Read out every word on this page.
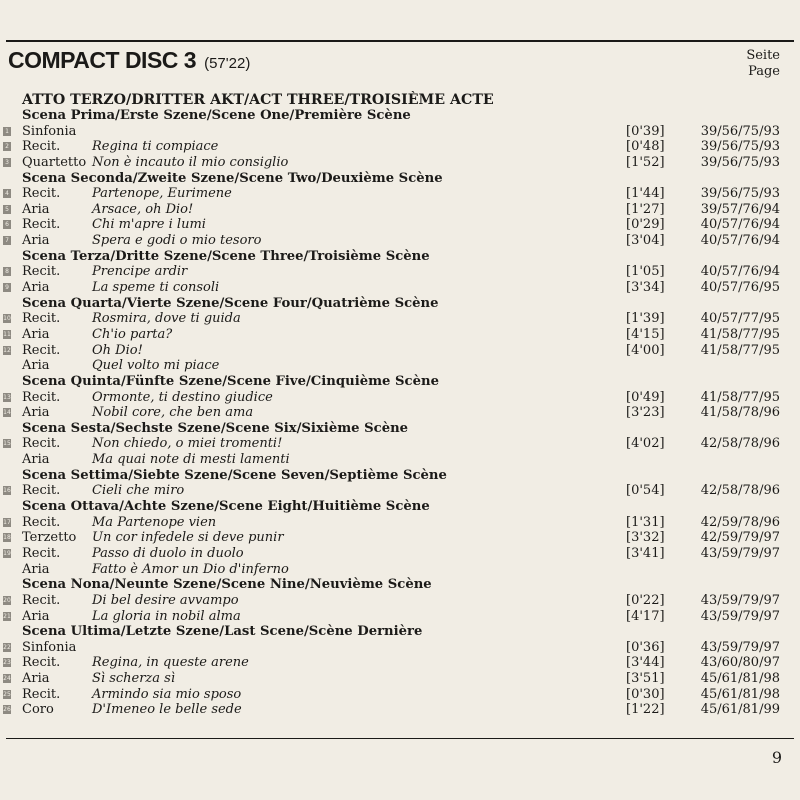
COMPACT DISC 3 (57'22)	Seite
Page
ATTO TERZO/DRITTER AKT/ACT THREE/TROISIÈME ACTE
Scena Prima/Erste Szene/Scene One/Première Scène
1 Sinfonia	[0'39]	39/56/75/93
2 Recit. Regina ti compiace	[0'48]	39/56/75/93
3 Quartetto Non è incauto il mio consiglio	[1'52]	39/56/75/93
Scena Seconda/Zweite Szene/Scene Two/Deuxième Scène
4 Recit. Partenope, Eurimene	[1'44]	39/56/75/93
5 Aria	Arsace, oh Dio!	[1'27]	39/57/76/94
6 Recit. Chi m'apre i lumi	[0'29]	40/57/76/94
7 Aria	Spera e godi o mio tesoro	[3'04]	40/57/76/94
Scena Terza/Dritte Szene/Scene Three/Troisième Scène
8 Recit. Prencipe ardir	[1'05]	40/57/76/94
9 Aria	La speme ti consoli	[3'34]	40/57/76/95
Scena Quarta/Vierte Szene/Scene Four/Quatrième Scène
10 Recit. Rosmira, dove ti guida	[1'39]	40/57/77/95
11 Aria	Ch'io parta?	[4'15]	41/58/77/95
12 Recit. Oh Dio!	[4'00]	41/58/77/95
Aria	Quel volto mi piace
Scena Quinta/Fünfte Szene/Scene Five/Cinquième Scène
13 Recit. Ormonte, ti destino giudice	[0'49]	41/58/77/95
14 Aria	Nobil core, che ben ama	[3'23]	41/58/78/96
Scena Sesta/Sechste Szene/Scene Six/Sixième Scène
15 Recit. Non chiedo, o miei tromenti!	[4'02]	42/58/78/96
Aria	Ma quai note di mesti lamenti
Scena Settima/Siebte Szene/Scene Seven/Septième Scène
16 Recit. Cieli che miro	[0'54]	42/58/78/96
Scena Ottava/Achte Szene/Scene Eight/Huitième Scène
17 Recit. Ma Partenope vien	[1'31]	42/59/78/96
18 Terzetto Un cor infedele si deve punir	[3'32]	42/59/79/97
19 Recit. Passo di duolo in duolo	[3'41]	43/59/79/97
Aria	Fatto è Amor un Dio d'inferno
Scena Nona/Neunte Szene/Scene Nine/Neuvième Scène
20 Recit. Di bel desire avvampo	[0'22]	43/59/79/97
21 Aria	La gloria in nobil alma	[4'17]	43/59/79/97
Scena Ultima/Letzte Szene/Last Scene/Scène Dernière
22 Sinfonia	[0'36]	43/59/79/97
23 Recit. Regina, in queste arene	[3'44]	43/60/80/97
24 Aria	Sì scherza sì	[3'51]	45/61/81/98
25 Recit. Armindo sia mio sposo	[0'30]	45/61/81/98
26 Coro	D'Imeneo le belle sede	[1'22]	45/61/81/99
9
